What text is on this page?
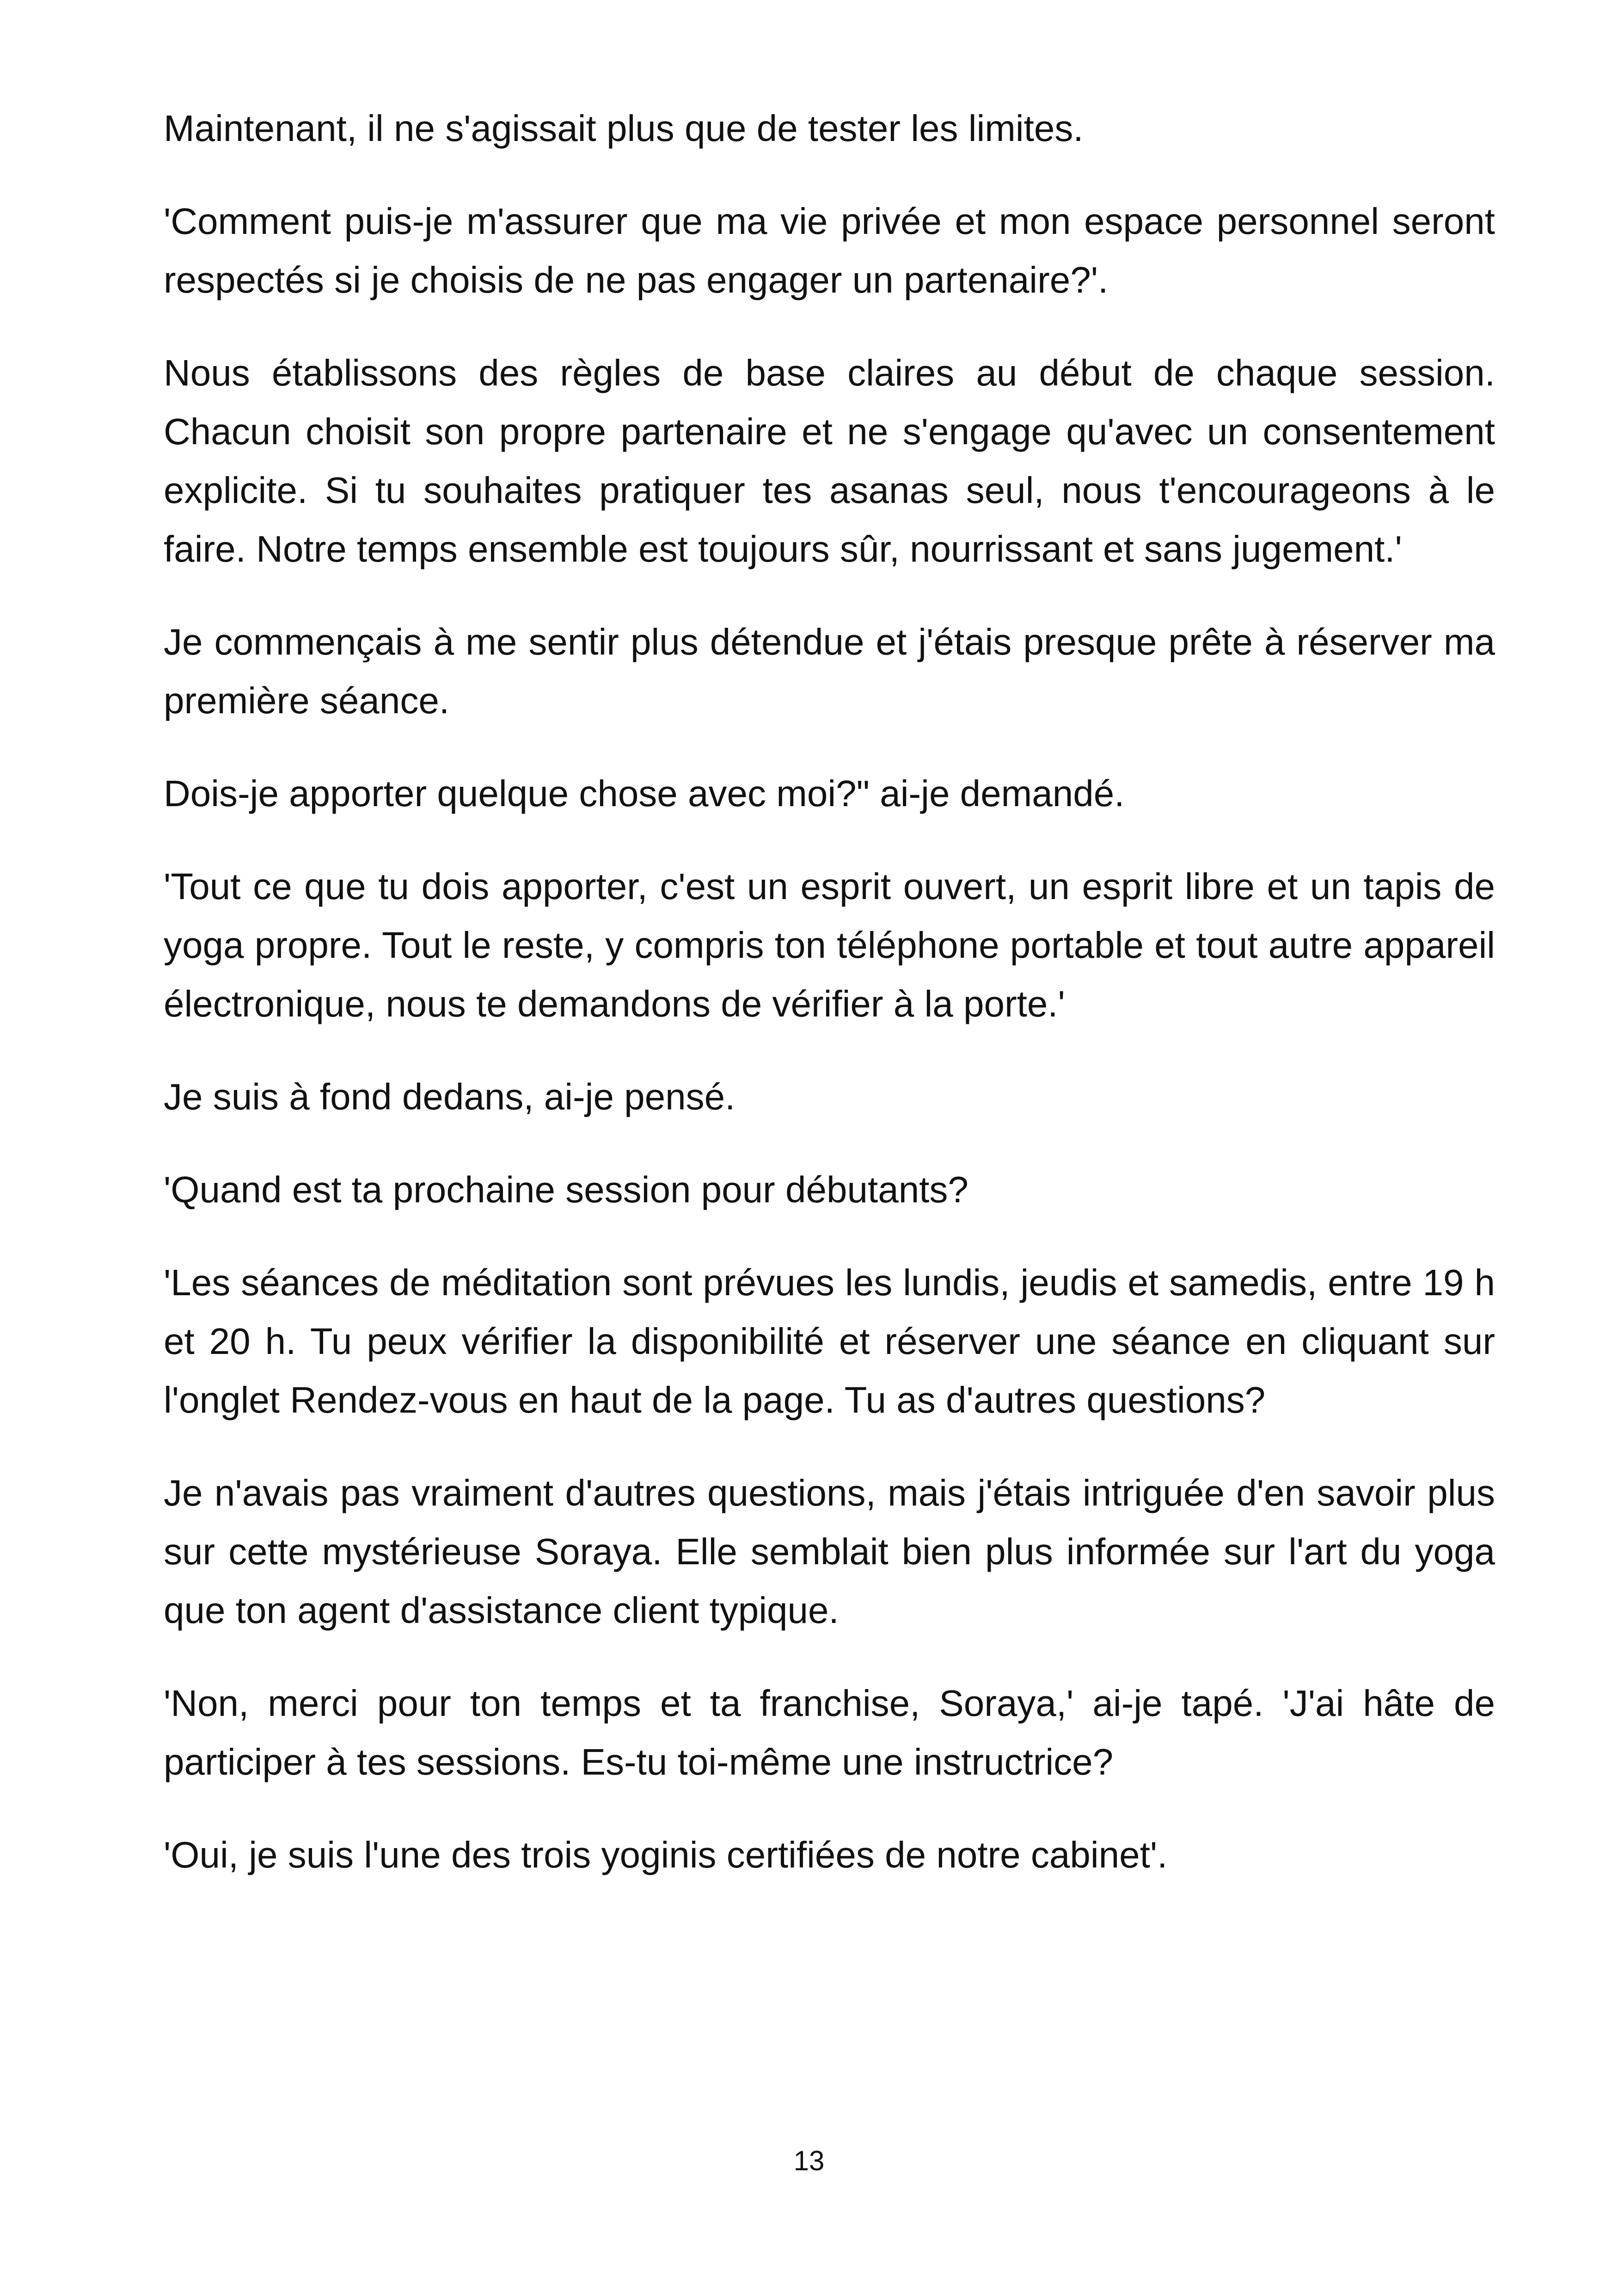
Maintenant, il ne s'agissait plus que de tester les limites.

'Comment puis-je m'assurer que ma vie privée et mon espace personnel seront respectés si je choisis de ne pas engager un partenaire?'.

Nous établissons des règles de base claires au début de chaque session. Chacun choisit son propre partenaire et ne s'engage qu'avec un consentement explicite. Si tu souhaites pratiquer tes asanas seul, nous t'encourageons à le faire. Notre temps ensemble est toujours sûr, nourrissant et sans jugement.'

Je commençais à me sentir plus détendue et j'étais presque prête à réserver ma première séance.

Dois-je apporter quelque chose avec moi?" ai-je demandé.

'Tout ce que tu dois apporter, c'est un esprit ouvert, un esprit libre et un tapis de yoga propre. Tout le reste, y compris ton téléphone portable et tout autre appareil électronique, nous te demandons de vérifier à la porte.'

Je suis à fond dedans, ai-je pensé.

'Quand est ta prochaine session pour débutants?

'Les séances de méditation sont prévues les lundis, jeudis et samedis, entre 19 h et 20 h. Tu peux vérifier la disponibilité et réserver une séance en cliquant sur l'onglet Rendez-vous en haut de la page. Tu as d'autres questions?

Je n'avais pas vraiment d'autres questions, mais j'étais intriguée d'en savoir plus sur cette mystérieuse Soraya. Elle semblait bien plus informée sur l'art du yoga que ton agent d'assistance client typique.

'Non, merci pour ton temps et ta franchise, Soraya,' ai-je tapé. 'J'ai hâte de participer à tes sessions. Es-tu toi-même une instructrice?

'Oui, je suis l'une des trois yoginis certifiées de notre cabinet'.

13
